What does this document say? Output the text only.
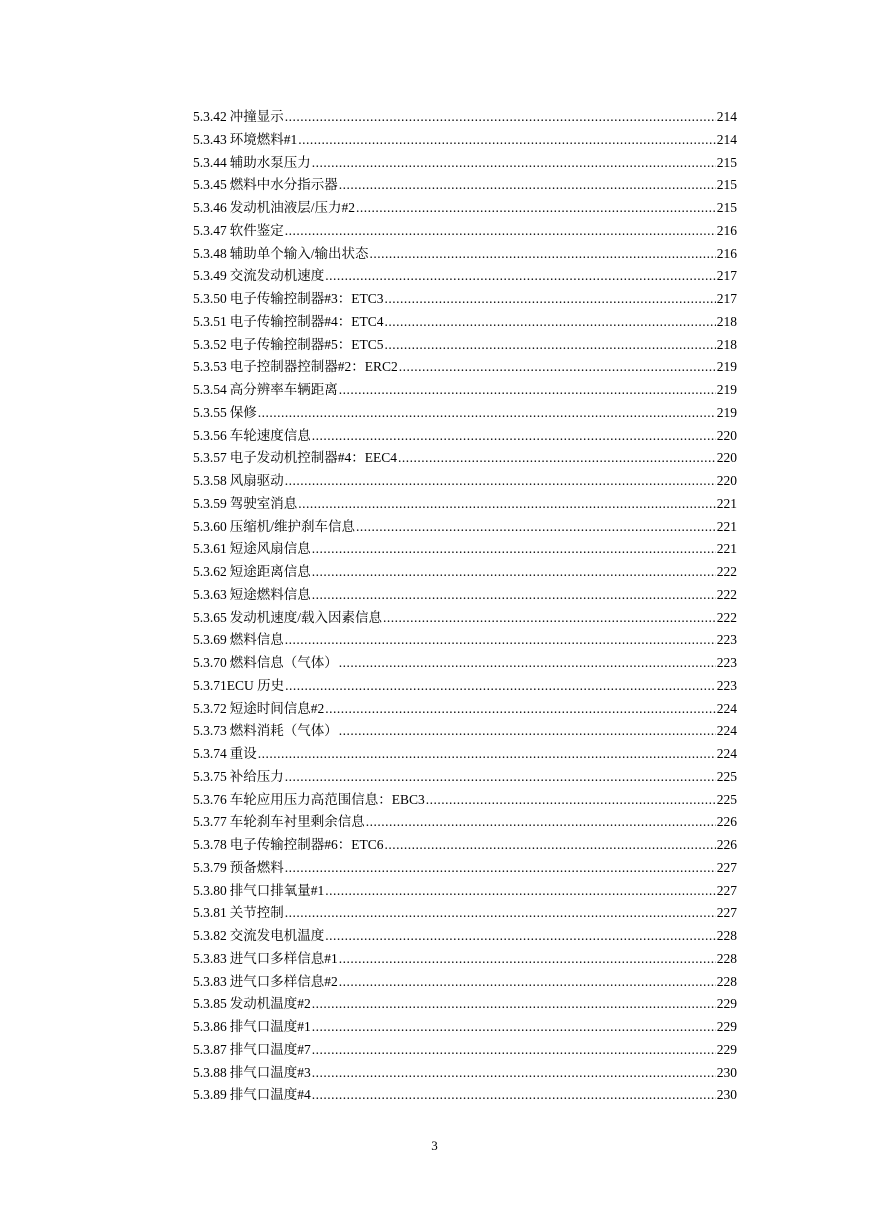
5.3.42 冲撞显示 .....	214
5.3.43 环境燃料#1 .....	214
5.3.44 辅助水泵压力 .....	215
5.3.45 燃料中水分指示器 .....	215
5.3.46 发动机油液层/压力#2 .....	215
5.3.47 软件鉴定 .....	216
5.3.48 辅助单个输入/输出状态 .....	216
5.3.49 交流发动机速度 .....	217
5.3.50 电子传输控制器#3：ETC3 .....	217
5.3.51 电子传输控制器#4：ETC4 .....	218
5.3.52 电子传输控制器#5：ETC5 .....	218
5.3.53 电子控制器控制器#2：ERC2 .....	219
5.3.54 高分辨率车辆距离 .....	219
5.3.55 保修 .....	219
5.3.56 车轮速度信息 .....	220
5.3.57 电子发动机控制器#4：EEC4 .....	220
5.3.58 风扇驱动 .....	220
5.3.59 驾驶室消息 .....	221
5.3.60 压缩机/维护刹车信息 .....	221
5.3.61 短途风扇信息 .....	221
5.3.62 短途距离信息 .....	222
5.3.63 短途燃料信息 .....	222
5.3.65 发动机速度/载入因素信息 .....	222
5.3.69 燃料信息 .....	223
5.3.70 燃料信息（气体） .....	223
5.3.71 ECU 历史 .....	223
5.3.72 短途时间信息#2 .....	224
5.3.73 燃料消耗（气体） .....	224
5.3.74 重设 .....	224
5.3.75 补给压力 .....	225
5.3.76 车轮应用压力高范围信息：EBC3 .....	225
5.3.77 车轮刹车衬里剩余信息 .....	226
5.3.78 电子传输控制器#6：ETC6 .....	226
5.3.79 预备燃料 .....	227
5.3.80 排气口排氧量#1 .....	227
5.3.81 关节控制 .....	227
5.3.82 交流发电机温度 .....	228
5.3.83 进气口多样信息#1 .....	228
5.3.83 进气口多样信息#2 .....	228
5.3.85 发动机温度#2 .....	229
5.3.86 排气口温度#1 .....	229
5.3.87 排气口温度#7 .....	229
5.3.88 排气口温度#3 .....	230
5.3.89 排气口温度#4 .....	230
3
